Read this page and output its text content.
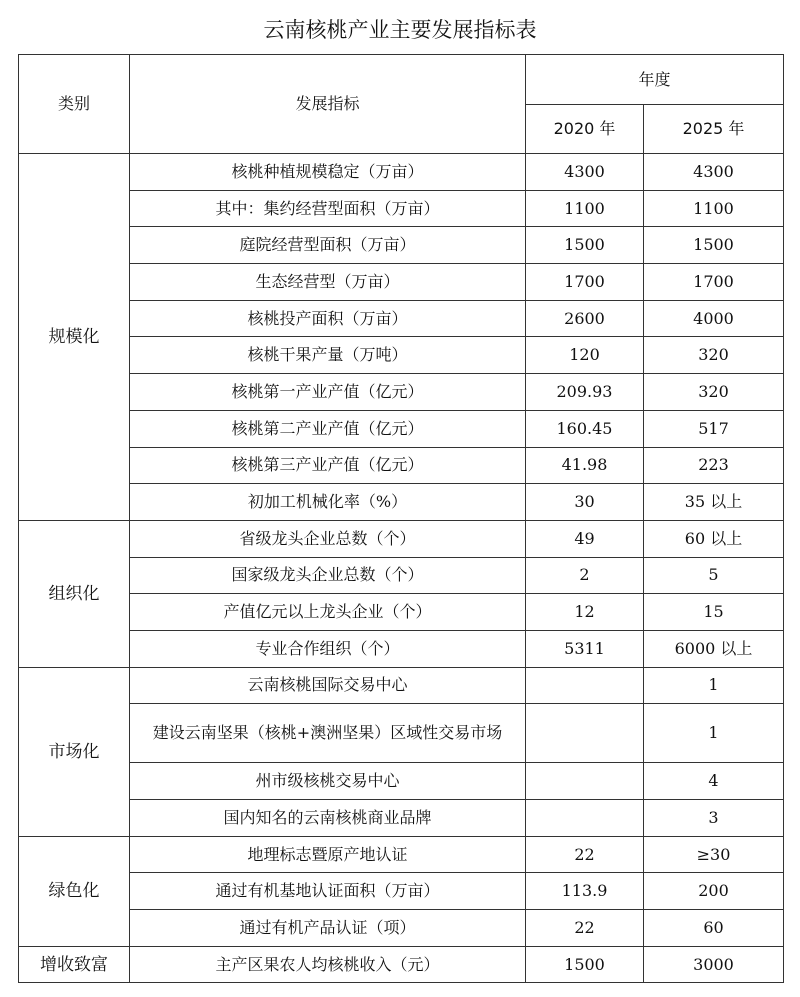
云南核桃产业主要发展指标表
类别	发展指标	年度	
		2020 年	2025 年
规模化	核桃种植规模稳定（万亩）	4300	4300
	其中：集约经营型面积（万亩）	1100	1100
	庭院经营型面积（万亩）	1500	1500
	生态经营型（万亩）	1700	1700
	核桃投产面积（万亩）	2600	4000
	核桃干果产量（万吨）	120	320
	核桃第一产业产值（亿元）	209.93	320
	核桃第二产业产值（亿元）	160.45	517
	核桃第三产业产值（亿元）	41.98	223
	初加工机械化率（%）	30	35 以上
组织化	省级龙头企业总数（个）	49	60 以上
	国家级龙头企业总数（个）	2	5
	产值亿元以上龙头企业（个）	12	15
	专业合作组织（个）	5311	6000 以上
市场化	云南核桃国际交易中心		1
	建设云南坚果（核桃+澳洲坚果）区域性交易市场		1
	州市级核桃交易中心		4
	国内知名的云南核桃商业品牌		3
绿色化	地理标志暨原产地认证	22	≥30
	通过有机基地认证面积（万亩）	113.9	200
	通过有机产品认证（项）	22	60
增收致富	主产区果农人均核桃收入（元）	1500	3000
